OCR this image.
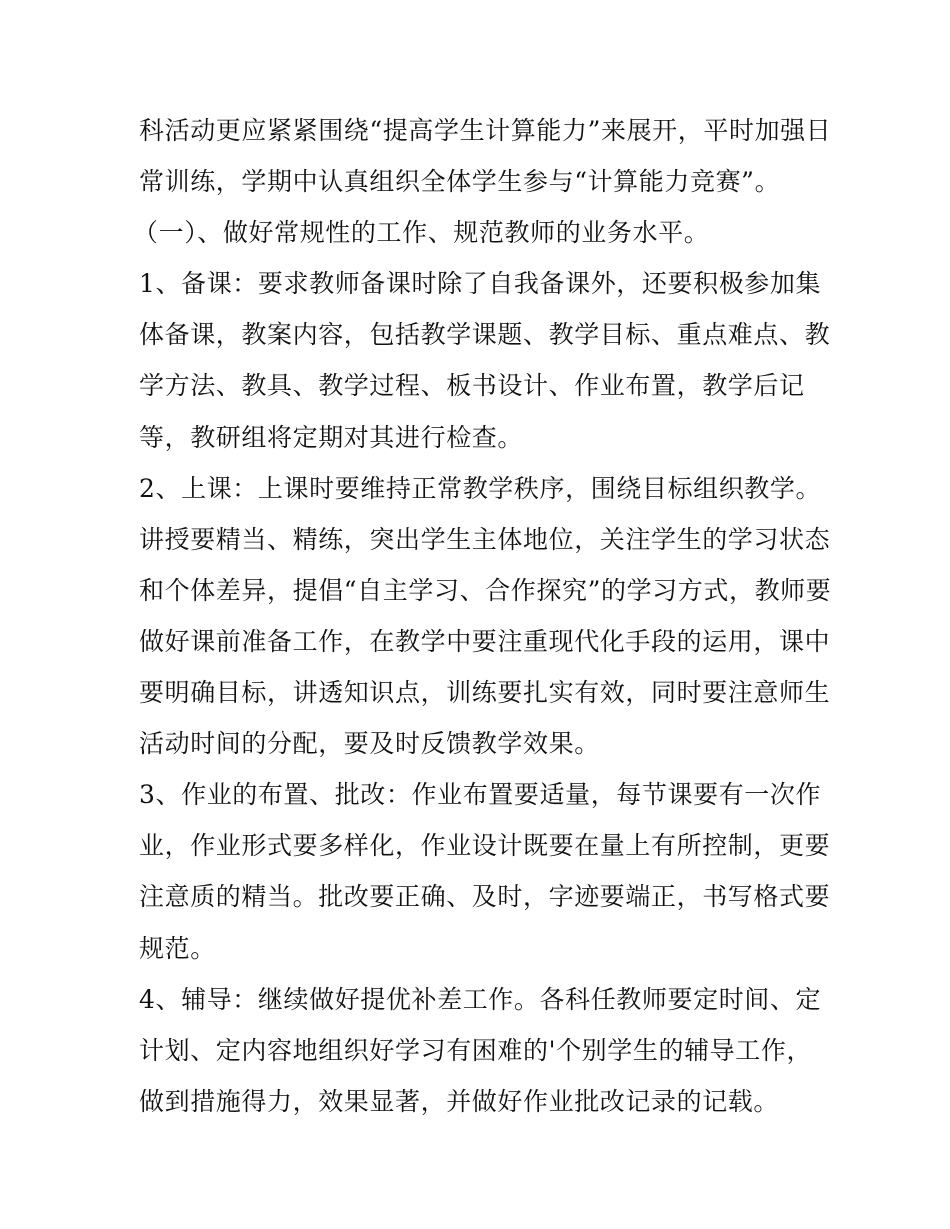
科活动更应紧紧围绕“提高学生计算能力”来展开，平时加强日
常训练，学期中认真组织全体学生参与“计算能力竞赛”。
（一）、做好常规性的工作、规范教师的业务水平。
1、备课：要求教师备课时除了自我备课外，还要积极参加集
体备课，教案内容，包括教学课题、教学目标、重点难点、教
学方法、教具、教学过程、板书设计、作业布置，教学后记
等，教研组将定期对其进行检查。
2、上课：上课时要维持正常教学秩序，围绕目标组织教学。
讲授要精当、精练，突出学生主体地位，关注学生的学习状态
和个体差异，提倡“自主学习、合作探究”的学习方式，教师要
做好课前准备工作，在教学中要注重现代化手段的运用，课中
要明确目标，讲透知识点，训练要扎实有效，同时要注意师生
活动时间的分配，要及时反馈教学效果。
3、作业的布置、批改：作业布置要适量，每节课要有一次作
业，作业形式要多样化，作业设计既要在量上有所控制，更要
注意质的精当。批改要正确、及时，字迹要端正，书写格式要
规范。
4、辅导：继续做好提优补差工作。各科任教师要定时间、定
计划、定内容地组织好学习有困难的'个别学生的辅导工作，
做到措施得力，效果显著，并做好作业批改记录的记载。
